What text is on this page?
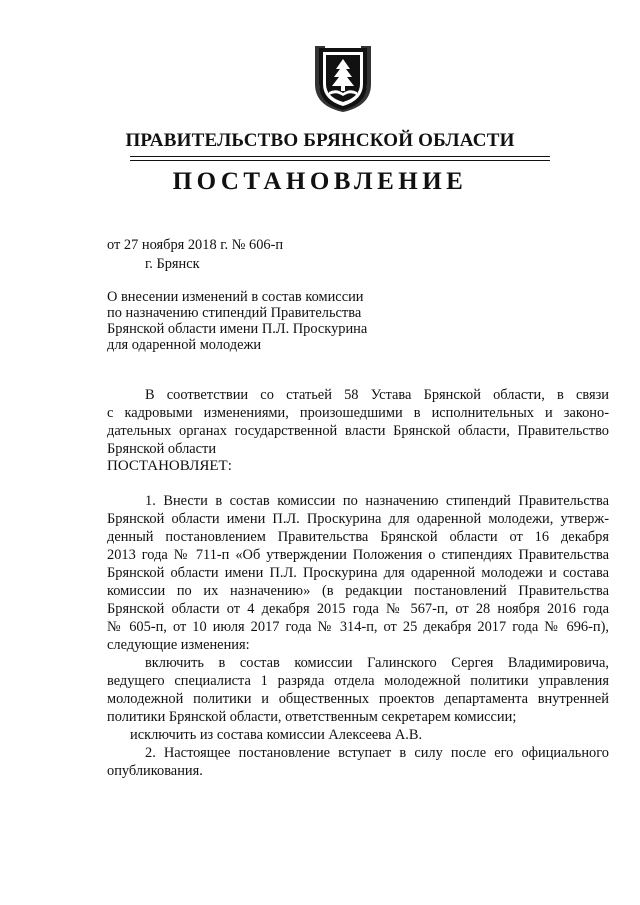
ПРАВИТЕЛЬСТВО БРЯНСКОЙ ОБЛАСТИ
ПОСТАНОВЛЕНИЕ
от 27 ноября 2018 г. № 606-п
г. Брянск
О внесении изменений в состав комиссии
по назначению стипендий Правительства
Брянской области имени П.Л. Проскурина
для одаренной молодежи
В соответствии со статьей 58 Устава Брянской области, в связи
с кадровыми изменениями, произошедшими в исполнительных и законо-
дательных органах государственной власти Брянской области, Правительство
Брянской области
ПОСТАНОВЛЯЕТ:
1. Внести в состав комиссии по назначению стипендий Правительства
Брянской области имени П.Л. Проскурина для одаренной молодежи, утверж-
денный постановлением Правительства Брянской области от 16 декабря
2013 года № 711-п «Об утверждении Положения о стипендиях Правительства
Брянской области имени П.Л. Проскурина для одаренной молодежи и состава
комиссии по их назначению» (в редакции постановлений Правительства
Брянской области от 4 декабря 2015 года № 567-п, от 28 ноября 2016 года
№ 605-п, от 10 июля 2017 года № 314-п, от 25 декабря 2017 года № 696-п),
следующие изменения:
включить в состав комиссии Галинского Сергея Владимировича,
ведущего специалиста 1 разряда отдела молодежной политики управления
молодежной политики и общественных проектов департамента внутренней
политики Брянской области, ответственным секретарем комиссии;
исключить из состава комиссии Алексеева А.В.
2. Настоящее постановление вступает в силу после его официального
опубликования.
